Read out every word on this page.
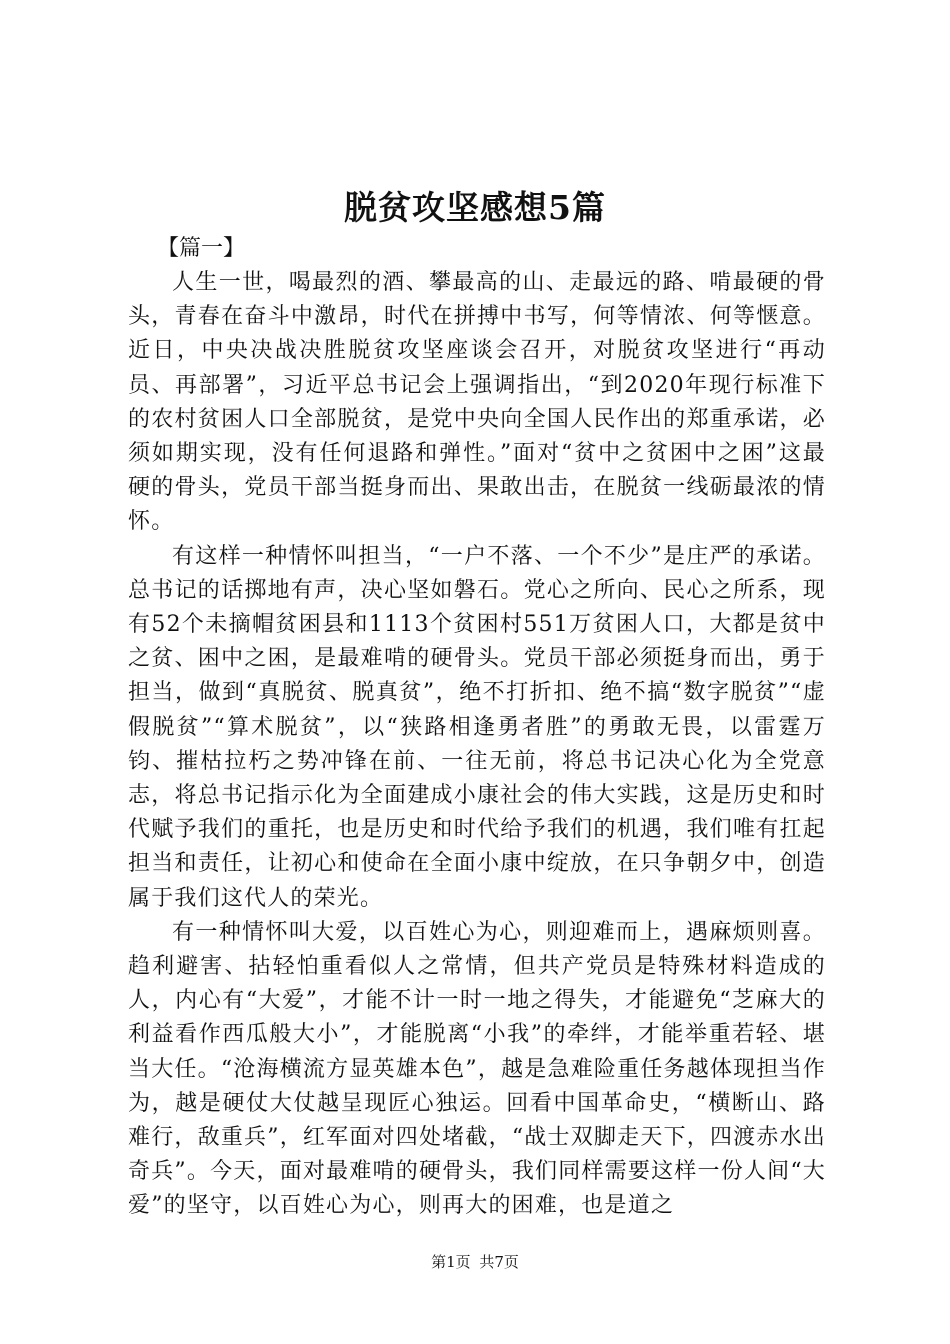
脱贫攻坚感想5篇
【篇一】

人生一世，喝最烈的酒、攀最高的山、走最远的路、啃最硬的骨头，青春在奋斗中激昂，时代在拼搏中书写，何等情浓、何等惬意。近日，中央决战决胜脱贫攻坚座谈会召开，对脱贫攻坚进行“再动员、再部署”，习近平总书记会上强调指出，“到2020年现行标准下的农村贫困人口全部脱贫，是党中央向全国人民作出的郑重承诺，必须如期实现，没有任何退路和弹性。”面对“贫中之贫困中之困”这最硬的骨头，党员干部当挺身而出、果敢出击，在脱贫一线砺最浓的情怀。

有这样一种情怀叫担当，“一户不落、一个不少”是庄严的承诺。总书记的话掷地有声，决心坚如磐石。党心之所向、民心之所系，现有52个未摘帽贫困县和1113个贫困村551万贫困人口，大都是贫中之贫、困中之困，是最难啃的硬骨头。党员干部必须挺身而出，勇于担当，做到“真脱贫、脱真贫”，绝不打折扣、绝不搞“数字脱贫”“虚假脱贫”“算术脱贫”，以“狭路相逢勇者胜”的勇敢无畏，以雷霆万钧、摧枯拉朽之势冲锋在前、一往无前，将总书记决心化为全党意志，将总书记指示化为全面建成小康社会的伟大实践，这是历史和时代赋予我们的重托，也是历史和时代给予我们的机遇，我们唯有扛起担当和责任，让初心和使命在全面小康中绽放，在只争朝夕中，创造属于我们这代人的荣光。

有一种情怀叫大爱，以百姓心为心，则迎难而上，遇麻烦则喜。趋利避害、拈轻怕重看似人之常情，但共产党员是特殊材料造成的人，内心有“大爱”，才能不计一时一地之得失，才能避免“芝麻大的利益看作西瓜般大小”，才能脱离“小我”的牵绊，才能举重若轻、堪当大任。“沧海横流方显英雄本色”，越是急难险重任务越体现担当作为，越是硬仗大仗越呈现匠心独运。回看中国革命史，“横断山、路难行，敌重兵”，红军面对四处堵截，“战士双脚走天下，四渡赤水出奇兵”。今天，面对最难啃的硬骨头，我们同样需要这样一份人间“大爱”的坚守，以百姓心为心，则再大的困难，也是道之

第1页 共7页
